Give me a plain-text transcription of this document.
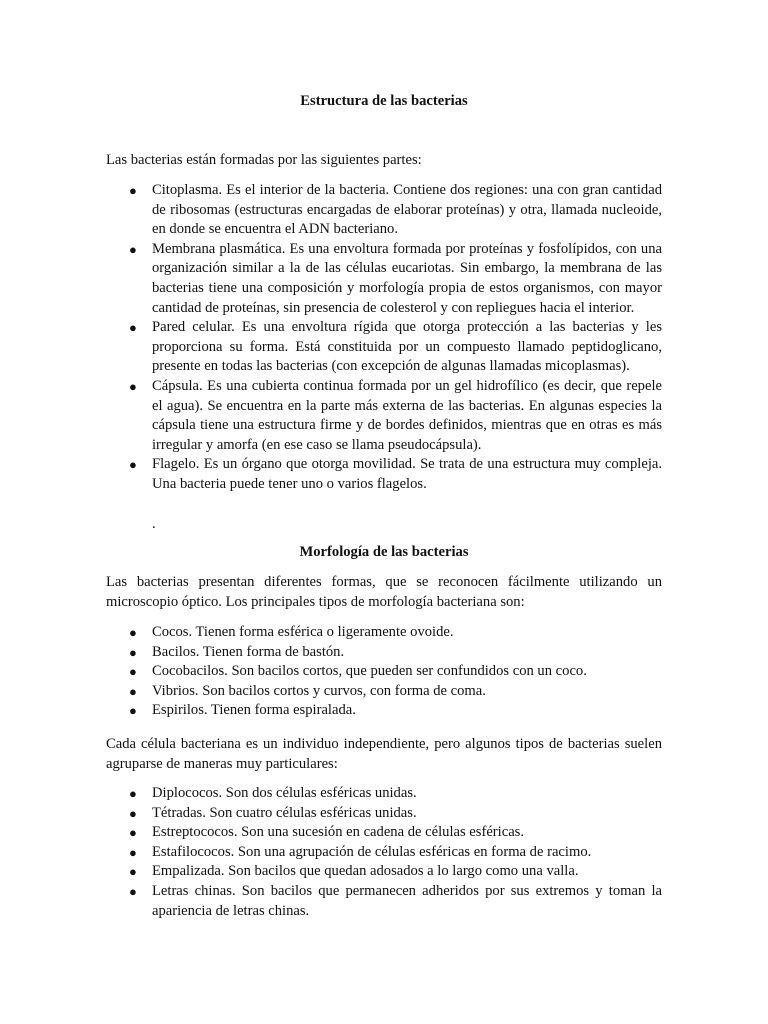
Estructura de las bacterias

Las bacterias están formadas por las siguientes partes:

● Citoplasma. Es el interior de la bacteria. Contiene dos regiones: una con gran cantidad de ribosomas (estructuras encargadas de elaborar proteínas) y otra, llamada nucleoide, en donde se encuentra el ADN bacteriano.
● Membrana plasmática. Es una envoltura formada por proteínas y fosfolípidos, con una organización similar a la de las células eucariotas. Sin embargo, la membrana de las bacterias tiene una composición y morfología propia de estos organismos, con mayor cantidad de proteínas, sin presencia de colesterol y con repliegues hacia el interior.
● Pared celular. Es una envoltura rígida que otorga protección a las bacterias y les proporciona su forma. Está constituida por un compuesto llamado peptidoglicano, presente en todas las bacterias (con excepción de algunas llamadas micoplasmas).
● Cápsula. Es una cubierta continua formada por un gel hidrofílico (es decir, que repele el agua). Se encuentra en la parte más externa de las bacterias. En algunas especies la cápsula tiene una estructura firme y de bordes definidos, mientras que en otras es más irregular y amorfa (en ese caso se llama pseudocápsula).
● Flagelo. Es un órgano que otorga movilidad. Se trata de una estructura muy compleja. Una bacteria puede tener uno o varios flagelos.

.

Morfología de las bacterias

Las bacterias presentan diferentes formas, que se reconocen fácilmente utilizando un microscopio óptico. Los principales tipos de morfología bacteriana son:

● Cocos. Tienen forma esférica o ligeramente ovoide.
● Bacilos. Tienen forma de bastón.
● Cocobacilos. Son bacilos cortos, que pueden ser confundidos con un coco.
● Vibrios. Son bacilos cortos y curvos, con forma de coma.
● Espirilos. Tienen forma espiralada.

Cada célula bacteriana es un individuo independiente, pero algunos tipos de bacterias suelen agruparse de maneras muy particulares:

● Diplococos. Son dos células esféricas unidas.
● Tétradas. Son cuatro células esféricas unidas.
● Estreptococos. Son una sucesión en cadena de células esféricas.
● Estafilococos. Son una agrupación de células esféricas en forma de racimo.
● Empalizada. Son bacilos que quedan adosados a lo largo como una valla.
● Letras chinas. Son bacilos que permanecen adheridos por sus extremos y toman la apariencia de letras chinas.
